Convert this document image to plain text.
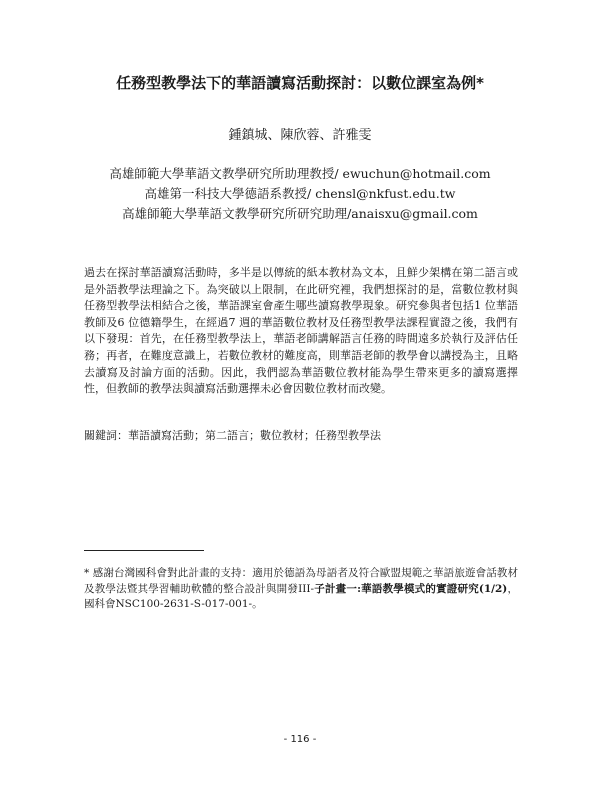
任務型教學法下的華語讀寫活動探討：以數位課室為例*
鍾鎮城、陳欣蓉、許雅雯
高雄師範大學華語文教學研究所助理教授/ ewuchun@hotmail.com
高雄第一科技大學德語系教授/ chensl@nkfust.edu.tw
高雄師範大學華語文教學研究所研究助理/anaisxu@gmail.com

過去在探討華語讀寫活動時，多半是以傳統的紙本教材為文本，且鮮少架構在第二語言或是外語教學法理論之下。為突破以上限制，在此研究裡，我們想探討的是，當數位教材與任務型教學法相結合之後，華語課室會產生哪些讀寫教學現象。研究參與者包括1 位華語教師及6 位德籍學生，在經過7 週的華語數位教材及任務型教學法課程實證之後，我們有以下發現：首先，在任務型教學法上，華語老師講解語言任務的時間遠多於執行及評估任務；再者，在難度意識上，若數位教材的難度高，則華語老師的教學會以講授為主，且略去讀寫及討論方面的活動。因此，我們認為華語數位教材能為學生帶來更多的讀寫選擇性，但教師的教學法與讀寫活動選擇未必會因數位教材而改變。

關鍵詞：華語讀寫活動；第二語言；數位教材；任務型教學法
* 感謝台灣國科會對此計畫的支持：適用於德語為母語者及符合歐盟規範之華語旅遊會話教材及教學法暨其學習輔助軟體的整合設計與開發III-子計畫一:華語教學模式的實證研究(1/2)，國科會NSC100-2631-S-017-001-。
- 116 -
